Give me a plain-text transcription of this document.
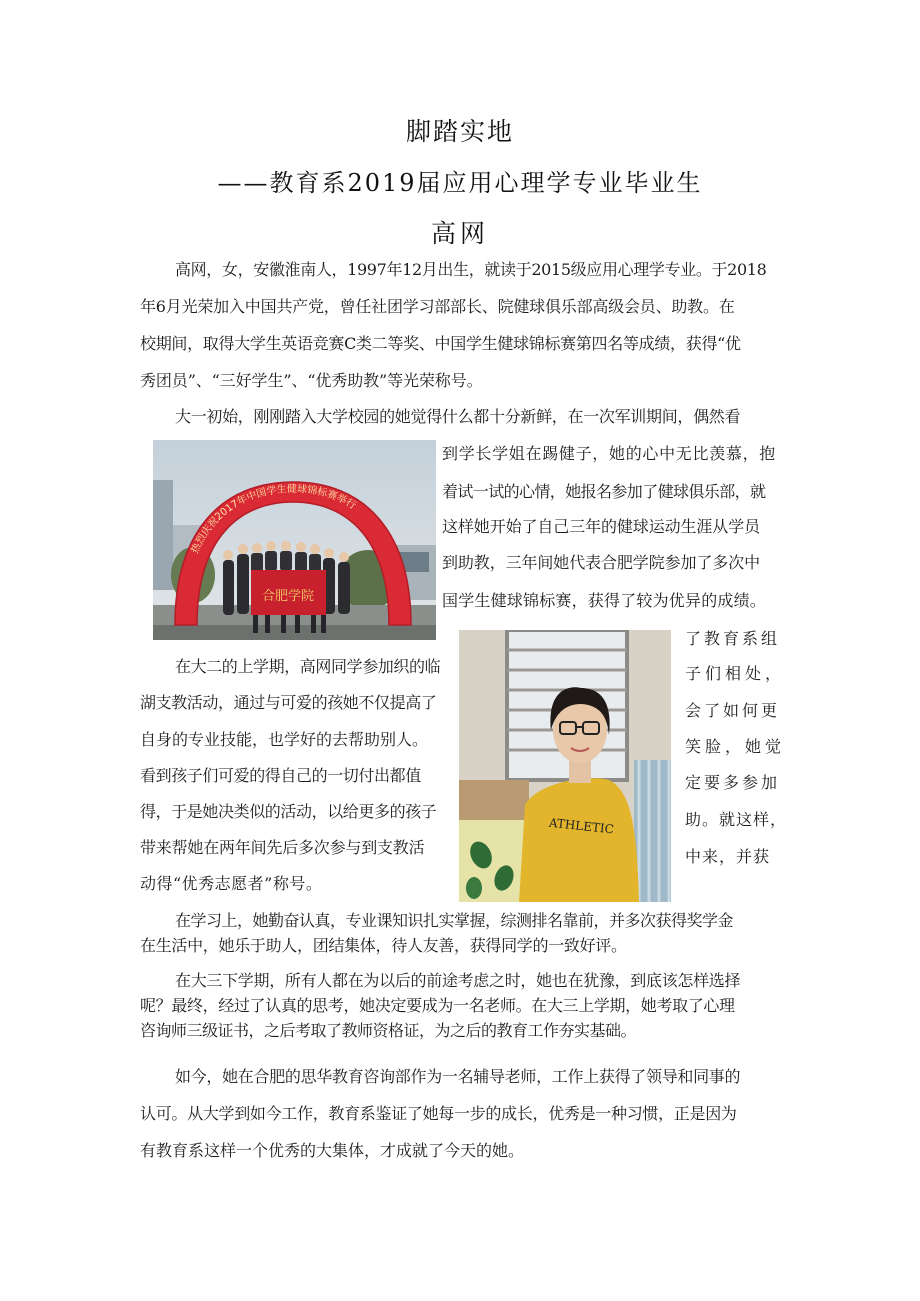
脚踏实地
——教育系2019届应用心理学专业毕业生
高网
高网，女，安徽淮南人，1997年12月出生，就读于2015级应用心理学专业。于2018
年6月光荣加入中国共产党，曾任社团学习部部长、院健球俱乐部高级会员、助教。在
校期间，取得大学生英语竞赛C类二等奖、中国学生健球锦标赛第四名等成绩，获得“优
秀团员”、“三好学生”、“优秀助教”等光荣称号。
大一初始，刚刚踏入大学校园的她觉得什么都十分新鲜，在一次军训期间，偶然看
到学长学姐在踢健子，她的心中无比羡慕，抱
着试一试的心情，她报名参加了健球俱乐部，就
这样她开始了自己三年的健球运动生涯从学员
到助教，三年间她代表合肥学院参加了多次中
国学生健球锦标赛，获得了较为优异的成绩。
了教育系组
在大二的上学期，高网同学参加织的临	子们相处，
湖支教活动，通过与可爱的孩她不仅提高了	会了如何更
自身的专业技能，也学好的去帮助别人。	笑脸，她觉
看到孩子们可爱的得自己的一切付出都值	定要多参加
得，于是她决类似的活动，以给更多的孩子	助。就这样，
带来帮她在两年间先后多次参与到支教活	中来，并获
动得“优秀志愿者”称号。
在学习上，她勤奋认真，专业课知识扎实掌握，综测排名靠前，并多次获得奖学金
在生活中，她乐于助人，团结集体，待人友善，获得同学的一致好评。
在大三下学期，所有人都在为以后的前途考虑之时，她也在犹豫，到底该怎样选择
呢？最终，经过了认真的思考，她决定要成为一名老师。在大三上学期，她考取了心理
咨询师三级证书，之后考取了教师资格证，为之后的教育工作夯实基础。
如今，她在合肥的思华教育咨询部作为一名辅导老师，工作上获得了领导和同事的
认可。从大学到如今工作，教育系鉴证了她每一步的成长，优秀是一种习惯，正是因为
有教育系这样一个优秀的大集体，才成就了今天的她。
热烈庆祝2017年中国学生健球锦标赛举行
合肥学院
ATHLETIC
